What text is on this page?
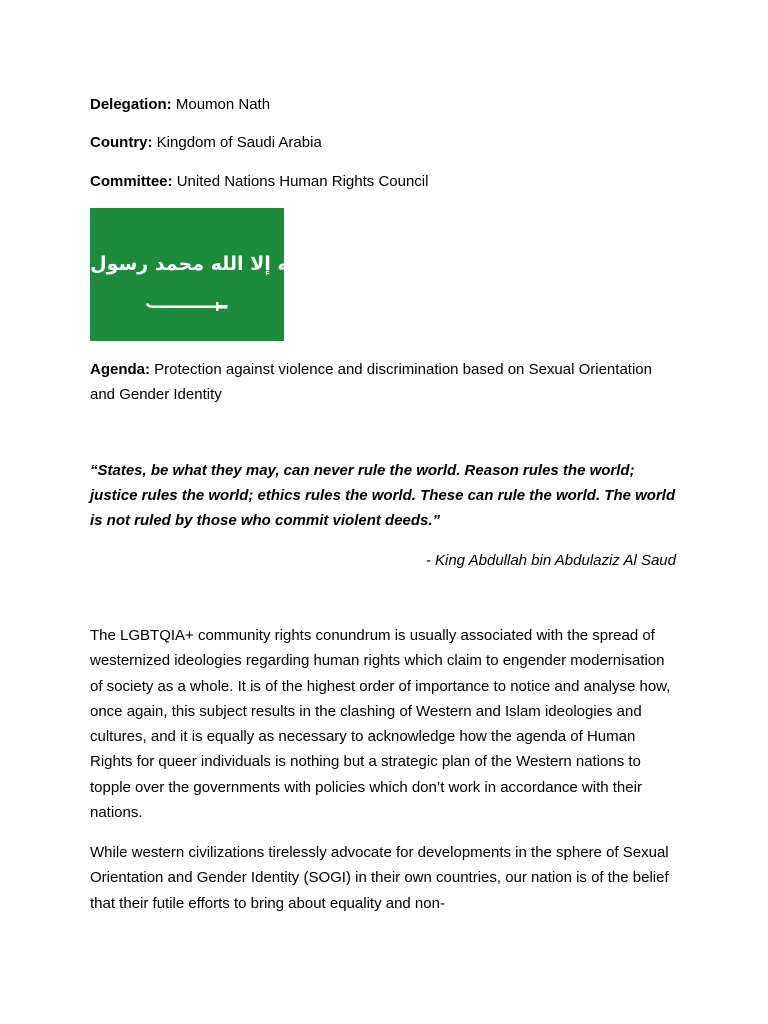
Delegation: Moumon Nath
Country: Kingdom of Saudi Arabia
Committee: United Nations Human Rights Council
لا إله إلا الله محمد رسول الله
Agenda: Protection against violence and discrimination based on Sexual Orientation and Gender Identity
“States, be what they may, can never rule the world. Reason rules the world; justice rules the world; ethics rules the world. These can rule the world. The world is not ruled by those who commit violent deeds.”
- King Abdullah bin Abdulaziz Al Saud
The LGBTQIA+ community rights conundrum is usually associated with the spread of westernized ideologies regarding human rights which claim to engender modernisation of society as a whole. It is of the highest order of importance to notice and analyse how, once again, this subject results in the clashing of Western and Islam ideologies and cultures, and it is equally as necessary to acknowledge how the agenda of Human Rights for queer individuals is nothing but a strategic plan of the Western nations to topple over the governments with policies which don’t work in accordance with their nations.
While western civilizations tirelessly advocate for developments in the sphere of Sexual Orientation and Gender Identity (SOGI) in their own countries, our nation is of the belief that their futile efforts to bring about equality and non-
